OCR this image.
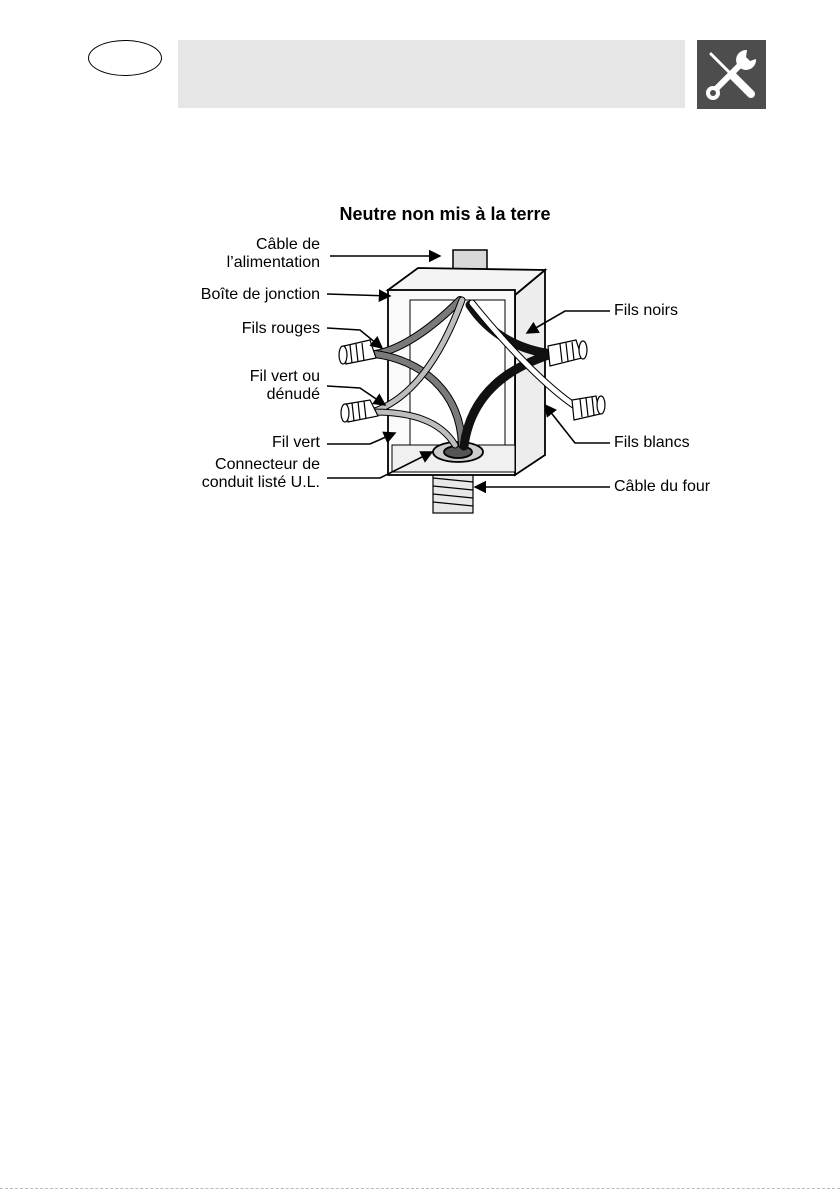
Neutre non mis à la terre
Câble de
l’alimentation
Boîte de jonction
Fils rouges
Fil vert ou
dénudé
Fil vert
Connecteur de
conduit listé U.L.
Fils noirs
Fils blancs
Câble du four
